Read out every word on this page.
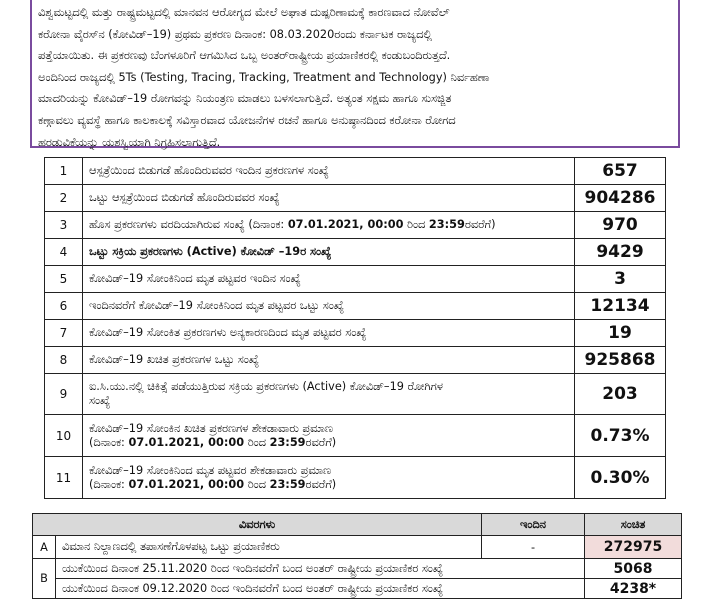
ವಿಶ್ವಮಟ್ಟದಲ್ಲಿ ಮತ್ತು ರಾಷ್ಟ್ರಮಟ್ಟದಲ್ಲಿ ಮಾನವನ ಆರೋಗ್ಯದ ಮೇಲೆ ಅಘಾತ ದುಷ್ಪರಿಣಾಮಕ್ಕೆ ಕಾರಣವಾದ ನೋವೆಲ್
ಕರೋನಾ ವೈರಸ್‌ನ (ಕೋವಿಡ್–19) ಪ್ರಥಮ ಪ್ರಕರಣ ದಿನಾಂಕ: 08.03.2020ರಂದು ಕರ್ನಾಟಕ ರಾಜ್ಯದಲ್ಲಿ
ಪತ್ತೆಯಾಯಿತು. ಈ ಪ್ರಕರಣವು ಬೆಂಗಳೂರಿಗೆ ಆಗಮಿಸಿದ ಒಬ್ಬ ಅಂತರ್‌ರಾಷ್ಟ್ರೀಯ ಪ್ರಯಾಣಿಕರಲ್ಲಿ ಕಂಡುಬಂದಿರುತ್ತದೆ.
ಅಂದಿನಿಂದ ರಾಜ್ಯದಲ್ಲಿ 5Ts (Testing, Tracing, Tracking, Treatment and Technology) ನಿರ್ವಹಣಾ
ಮಾದರಿಯನ್ನು ಕೋವಿಡ್–19 ರೋಗವನ್ನು ನಿಯಂತ್ರಣ ಮಾಡಲು ಬಳಸಲಾಗುತ್ತಿದೆ. ಅತ್ಯಂತ ಸಕ್ಷಮ ಹಾಗೂ ಸುಸಜ್ಜಿತ
ಕಣ್ಗಾವಲು ವ್ಯವಸ್ಥೆ ಹಾಗೂ ಕಾಲಕಾಲಕ್ಕೆ ಸವಿಸ್ತಾರವಾದ ಯೋಜನೆಗಳ ರಚನೆ ಹಾಗೂ ಅನುಷ್ಠಾನದಿಂದ ಕರೋನಾ ರೋಗದ
ಹರಡುವಿಕೆಯನ್ನು ಯಶಸ್ವಿಯಾಗಿ ನಿಗ್ರಹಿಸಲಾಗುತ್ತಿದೆ.
1	ಆಸ್ಪತ್ರೆಯಿಂದ ಬಿಡುಗಡೆ ಹೊಂದಿರುವವರ ಇಂದಿನ ಪ್ರಕರಣಗಳ ಸಂಖ್ಯೆ	657
2	ಒಟ್ಟು ಆಸ್ಪತ್ರೆಯಿಂದ ಬಿಡುಗಡೆ ಹೊಂದಿರುವವರ ಸಂಖ್ಯೆ	904286
3	ಹೊಸ ಪ್ರಕರಣಗಳು ವರದಿಯಾಗಿರುವ ಸಂಖ್ಯೆ (ದಿನಾಂಕ: 07.01.2021, 00:00 ರಿಂದ 23:59ರವರೆಗೆ)	970
4	ಒಟ್ಟು ಸಕ್ರಿಯ ಪ್ರಕರಣಗಳು (Active) ಕೋವಿಡ್ –19ರ ಸಂಖ್ಯೆ	9429
5	ಕೋವಿಡ್–19 ಸೋಂಕಿನಿಂದ ಮೃತ ಪಟ್ಟವರ ಇಂದಿನ ಸಂಖ್ಯೆ	3
6	ಇಂದಿನವರೆಗೆ ಕೋವಿಡ್–19 ಸೋಂಕಿನಿಂದ ಮೃತ ಪಟ್ಟವರ ಒಟ್ಟು ಸಂಖ್ಯೆ	12134
7	ಕೋವಿಡ್–19 ಸೋಂಕಿತ ಪ್ರಕರಣಗಳು ಅನ್ಯಕಾರಣದಿಂದ ಮೃತ ಪಟ್ಟವರ ಸಂಖ್ಯೆ	19
8	ಕೋವಿಡ್–19 ಖಚಿತ ಪ್ರಕರಣಗಳ ಒಟ್ಟು ಸಂಖ್ಯೆ	925868
9	ಐ.ಸಿ.ಯು.ನಲ್ಲಿ ಚಿಕಿತ್ಸೆ ಪಡೆಯುತ್ತಿರುವ ಸಕ್ರಿಯ ಪ್ರಕರಣಗಳು (Active) ಕೋವಿಡ್–19 ರೋಗಿಗಳ
ಸಂಖ್ಯೆ	203
10	ಕೋವಿಡ್–19 ಸೋಂಕಿನ ಖಚಿತ ಪ್ರಕರಣಗಳ ಶೇಕಡಾವಾರು ಪ್ರಮಾಣ
(ದಿನಾಂಕ: 07.01.2021, 00:00 ರಿಂದ 23:59ರವರೆಗೆ)	0.73%
11	ಕೋವಿಡ್–19 ಸೋಂಕಿನಿಂದ ಮೃತ ಪಟ್ಟವರ ಶೇಕಡಾವಾರು ಪ್ರಮಾಣ
(ದಿನಾಂಕ: 07.01.2021, 00:00 ರಿಂದ 23:59ರವರೆಗೆ)	0.30%
ವಿವರಗಳು		ಇಂದಿನ	ಸಂಚಿತ
A	ವಿಮಾನ ನಿಲ್ದಾಣದಲ್ಲಿ ತಪಾಸಣೆಗೊಳಪಟ್ಟ ಒಟ್ಟು ಪ್ರಯಾಣಿಕರು	-	272975
B	ಯುಕೆಯಿಂದ ದಿನಾಂಕ 25.11.2020 ರಿಂದ ಇಂದಿನವರೆಗೆ ಬಂದ ಅಂತರ್ ರಾಷ್ಟ್ರೀಯ ಪ್ರಯಾಣಿಕರ ಸಂಖ್ಯೆ		5068
	ಯುಕೆಯಿಂದ ದಿನಾಂಕ 09.12.2020 ರಿಂದ ಇಂದಿನವರೆಗೆ ಬಂದ ಅಂತರ್ ರಾಷ್ಟ್ರೀಯ ಪ್ರಯಾಣಿಕರ ಸಂಖ್ಯೆ		4238*
